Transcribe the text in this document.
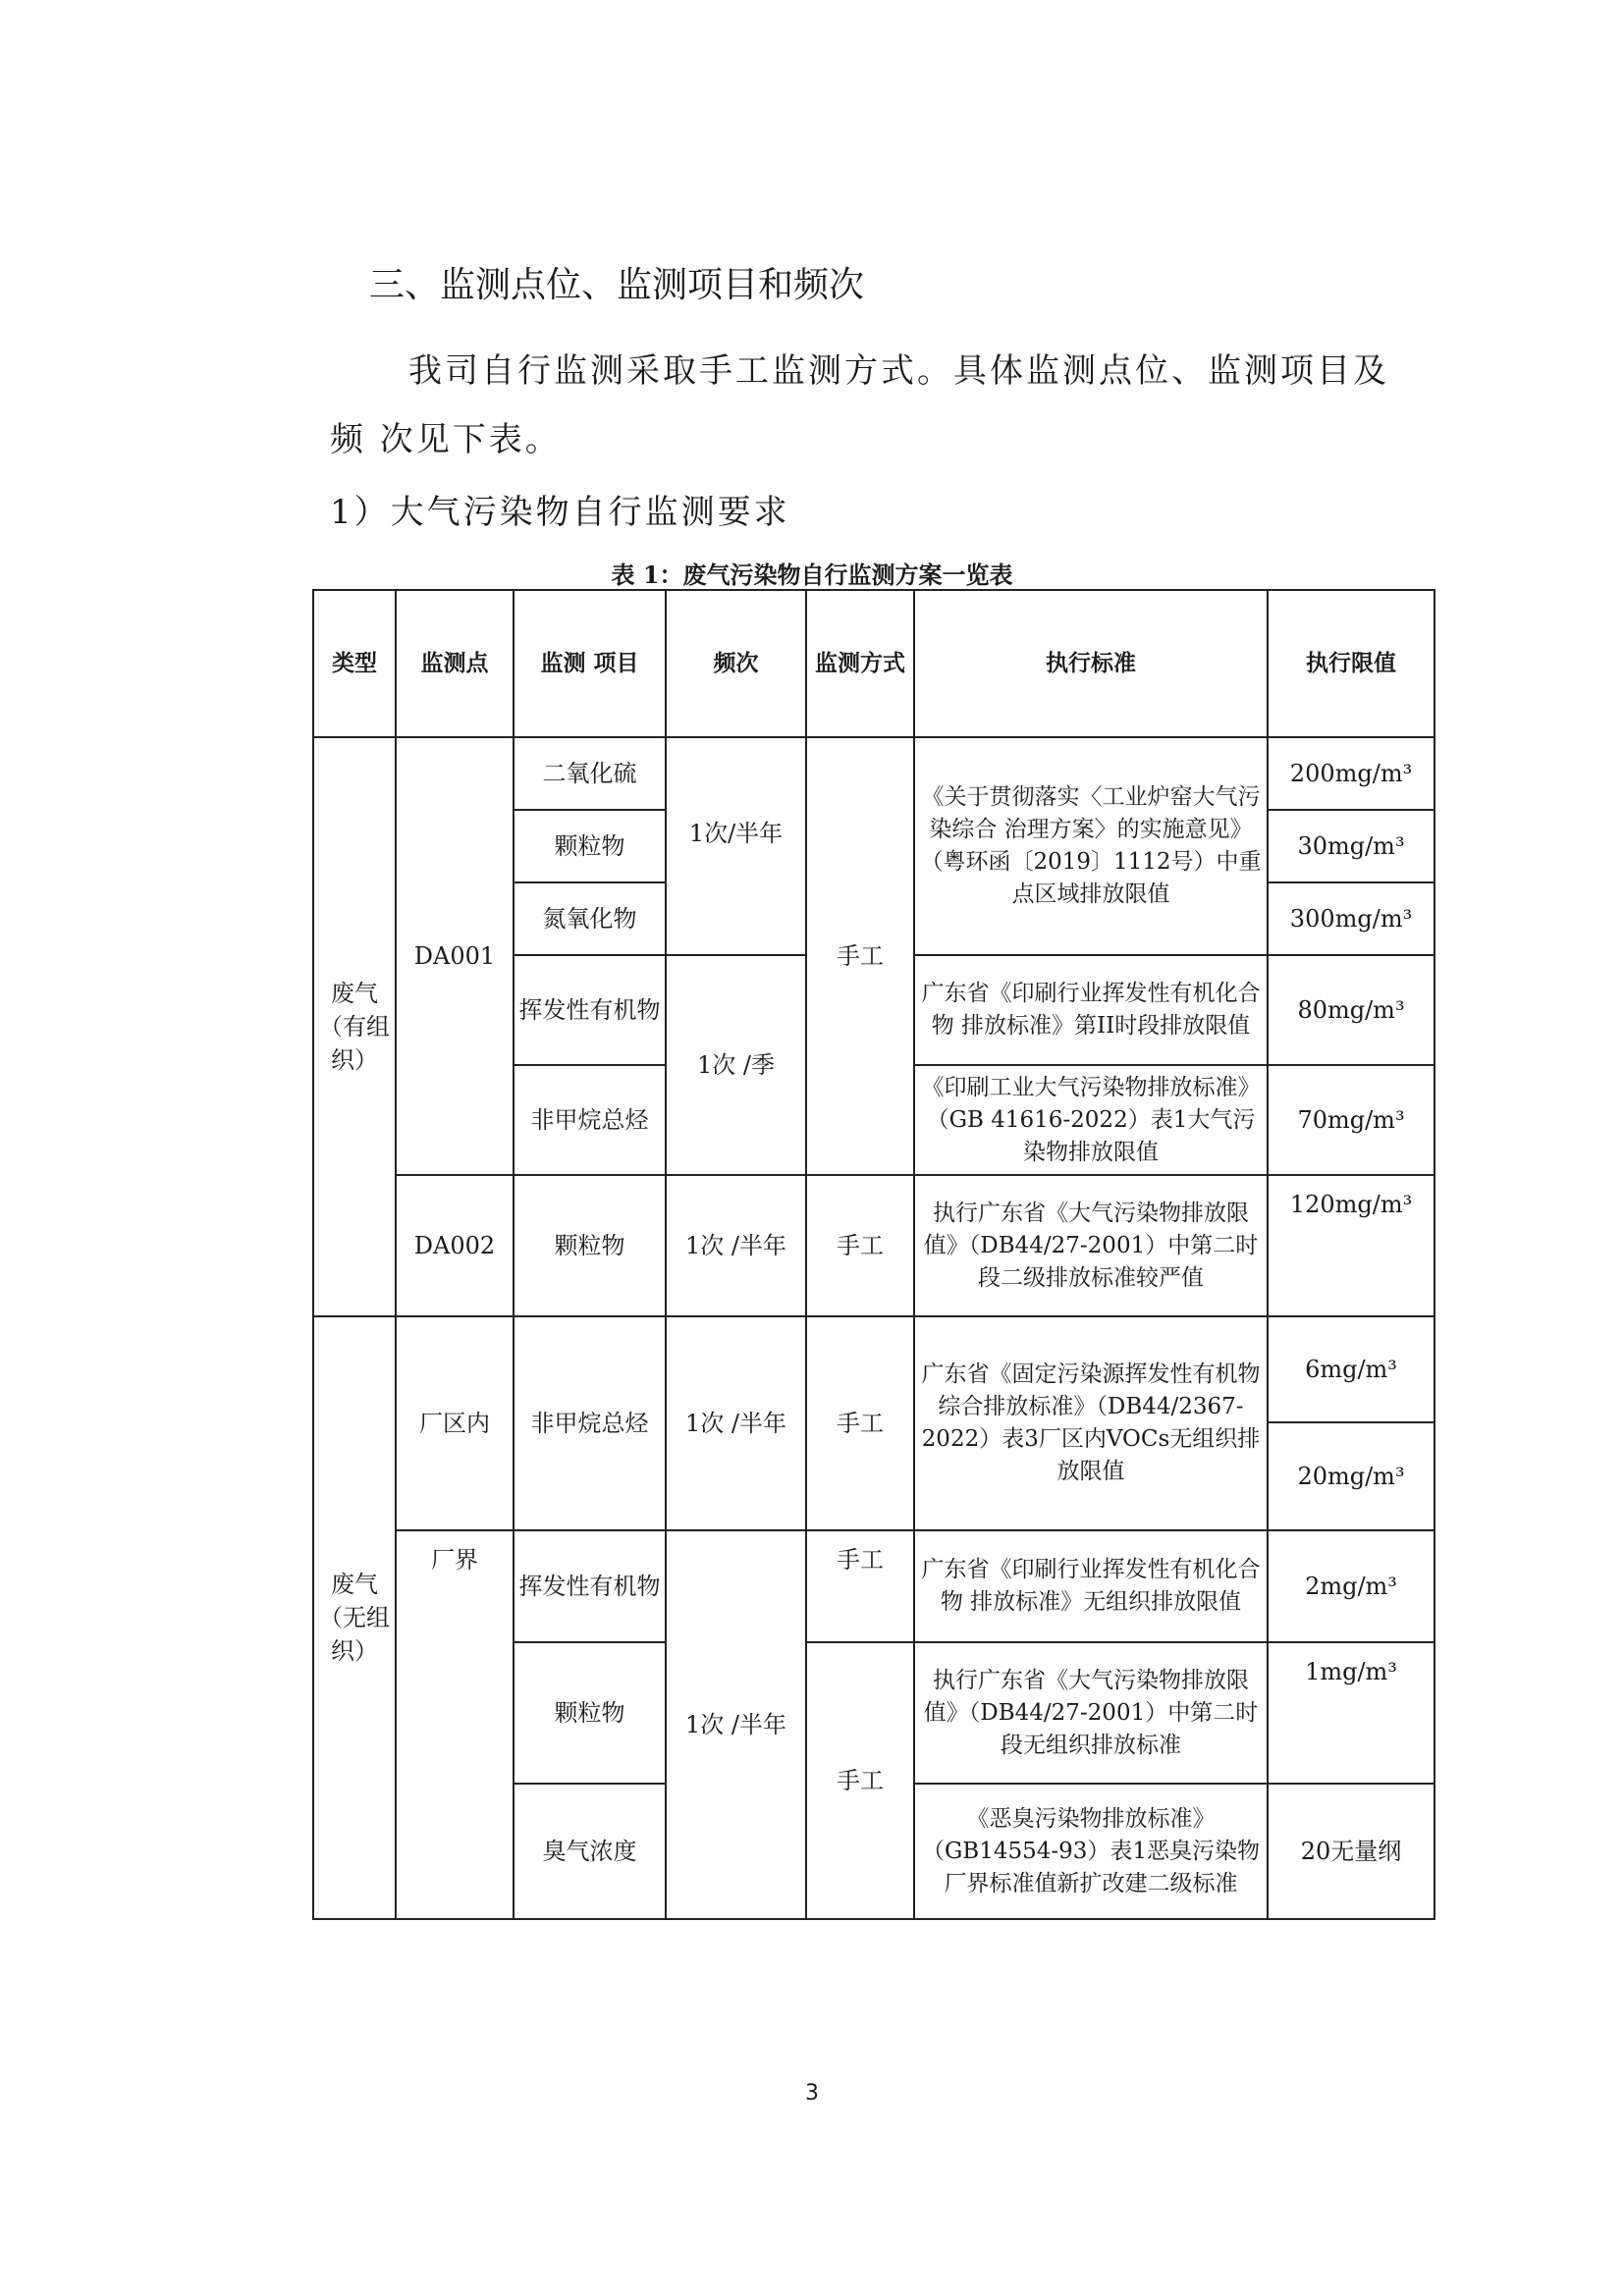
三、监测点位、监测项目和频次
我司自行监测采取手工监测方式。具体监测点位、监测项目及
频 次见下表。
1）大气污染物自行监测要求
表 1：废气污染物自行监测方案一览表
类型	监测点	监测 项目	频次	监测方式	执行标准	执行限值
废气（有组织）	DA001	二氧化硫	1次/半年	手工	《关于贯彻落实〈工业炉窑大气污染综合 治理方案〉的实施意见》（粤环函〔2019〕1112号）中重点区域排放限值	200mg/m³
		颗粒物				30mg/m³
		氮氧化物				300mg/m³
		挥发性有机物	1次 /季		广东省《印刷行业挥发性有机化合物 排放标准》第II时段排放限值	80mg/m³
		非甲烷总烃			《印刷工业大气污染物排放标准》（GB 41616-2022）表1大气污染物排放限值	70mg/m³
	DA002	颗粒物	1次 /半年	手工	执行广东省《大气污染物排放限值》（DB44/27-2001）中第二时段二级排放标准较严值	120mg/m³
废气（无组织）	厂区内	非甲烷总烃	1次 /半年	手工	广东省《固定污染源挥发性有机物综合排放标准》（DB44/2367-2022）表3厂区内VOCs无组织排放限值	6mg/m³
						20mg/m³
	厂界	挥发性有机物	1次 /半年	手工	广东省《印刷行业挥发性有机化合物 排放标准》无组织排放限值	2mg/m³
		颗粒物		手工	执行广东省《大气污染物排放限值》（DB44/27-2001）中第二时段无组织排放标准	1mg/m³
		臭气浓度			《恶臭污染物排放标准》（GB14554-93）表1恶臭污染物厂界标准值新扩改建二级标准	20无量纲
3
